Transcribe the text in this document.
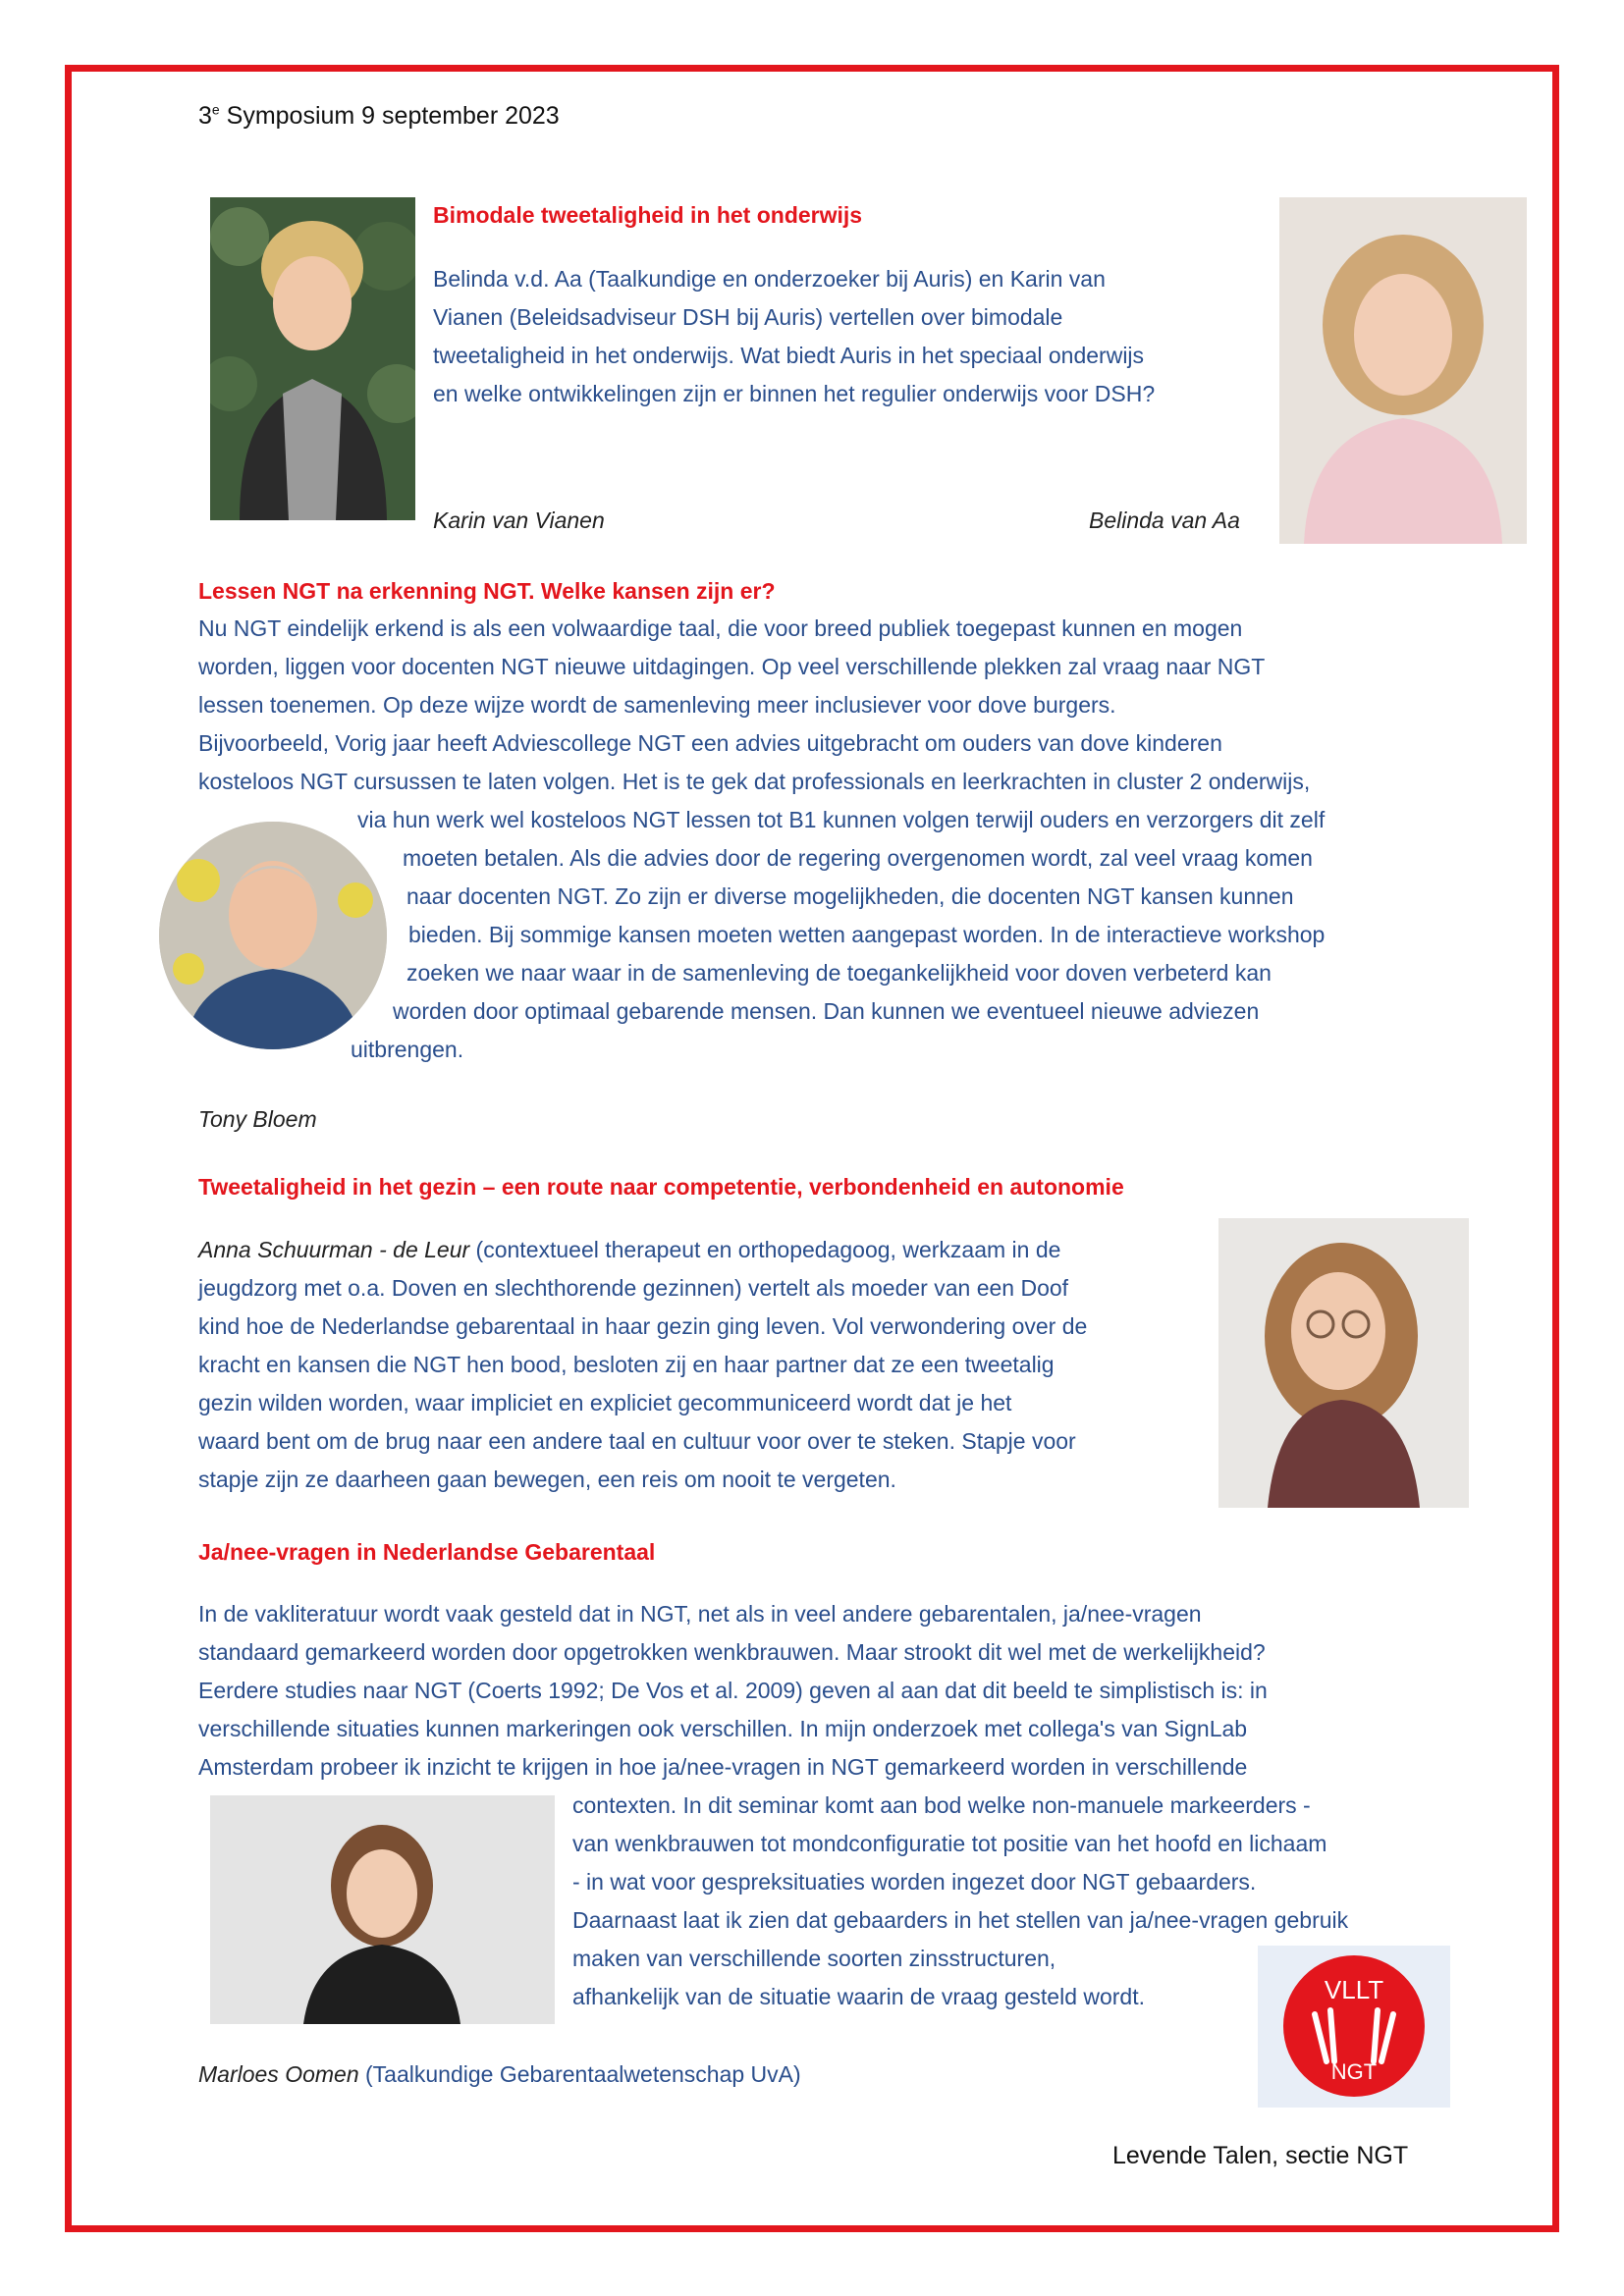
3e Symposium 9 september 2023
Bimodale tweetaligheid in het onderwijs
Belinda v.d. Aa (Taalkundige en onderzoeker bij Auris) en Karin van
Vianen (Beleidsadviseur DSH bij Auris) vertellen over bimodale
tweetaligheid in het onderwijs. Wat biedt Auris in het speciaal onderwijs
en welke ontwikkelingen zijn er binnen het regulier onderwijs voor DSH?
Karin van Vianen	Belinda van Aa
Lessen NGT na erkenning NGT. Welke kansen zijn er?
Nu NGT eindelijk erkend is als een volwaardige taal, die voor breed publiek toegepast kunnen en mogen
worden, liggen voor docenten NGT nieuwe uitdagingen. Op veel verschillende plekken zal vraag naar NGT
lessen toenemen. Op deze wijze wordt de samenleving meer inclusiever voor dove burgers.
Bijvoorbeeld, Vorig jaar heeft Adviescollege NGT een advies uitgebracht om ouders van dove kinderen
kosteloos NGT cursussen te laten volgen. Het is te gek dat professionals en leerkrachten in cluster 2 onderwijs,
via hun werk wel kosteloos NGT lessen tot B1 kunnen volgen terwijl ouders en verzorgers dit zelf
moeten betalen. Als die advies door de regering overgenomen wordt, zal veel vraag komen
naar docenten NGT. Zo zijn er diverse mogelijkheden, die docenten NGT kansen kunnen
bieden. Bij sommige kansen moeten wetten aangepast worden. In de interactieve workshop
zoeken we naar waar in de samenleving de toegankelijkheid voor doven verbeterd kan
worden door optimaal gebarende mensen. Dan kunnen we eventueel nieuwe adviezen
uitbrengen.
Tony Bloem
Tweetaligheid in het gezin – een route naar competentie, verbondenheid en autonomie
Anna Schuurman - de Leur (contextueel therapeut en orthopedagoog, werkzaam in de
jeugdzorg met o.a. Doven en slechthorende gezinnen) vertelt als moeder van een Doof
kind hoe de Nederlandse gebarentaal in haar gezin ging leven. Vol verwondering over de
kracht en kansen die NGT hen bood, besloten zij en haar partner dat ze een tweetalig
gezin wilden worden, waar impliciet en expliciet gecommuniceerd wordt dat je het
waard bent om de brug naar een andere taal en cultuur voor over te steken. Stapje voor
stapje zijn ze daarheen gaan bewegen, een reis om nooit te vergeten.
Ja/nee-vragen in Nederlandse Gebarentaal
In de vakliteratuur wordt vaak gesteld dat in NGT, net als in veel andere gebarentalen, ja/nee-vragen
standaard gemarkeerd worden door opgetrokken wenkbrauwen. Maar strookt dit wel met de werkelijkheid?
Eerdere studies naar NGT (Coerts 1992; De Vos et al. 2009) geven al aan dat dit beeld te simplistisch is: in
verschillende situaties kunnen markeringen ook verschillen. In mijn onderzoek met collega's van SignLab
Amsterdam probeer ik inzicht te krijgen in hoe ja/nee-vragen in NGT gemarkeerd worden in verschillende
contexten. In dit seminar komt aan bod welke non-manuele markeerders -
van wenkbrauwen tot mondconfiguratie tot positie van het hoofd en lichaam
- in wat voor gespreksituaties worden ingezet door NGT gebaarders.
Daarnaast laat ik zien dat gebaarders in het stellen van ja/nee-vragen gebruik
maken van verschillende soorten zinsstructuren,
afhankelijk van de situatie waarin de vraag gesteld wordt.	VLLT
NGT
Marloes Oomen (Taalkundige Gebarentaalwetenschap UvA)
Levende Talen, sectie NGT
